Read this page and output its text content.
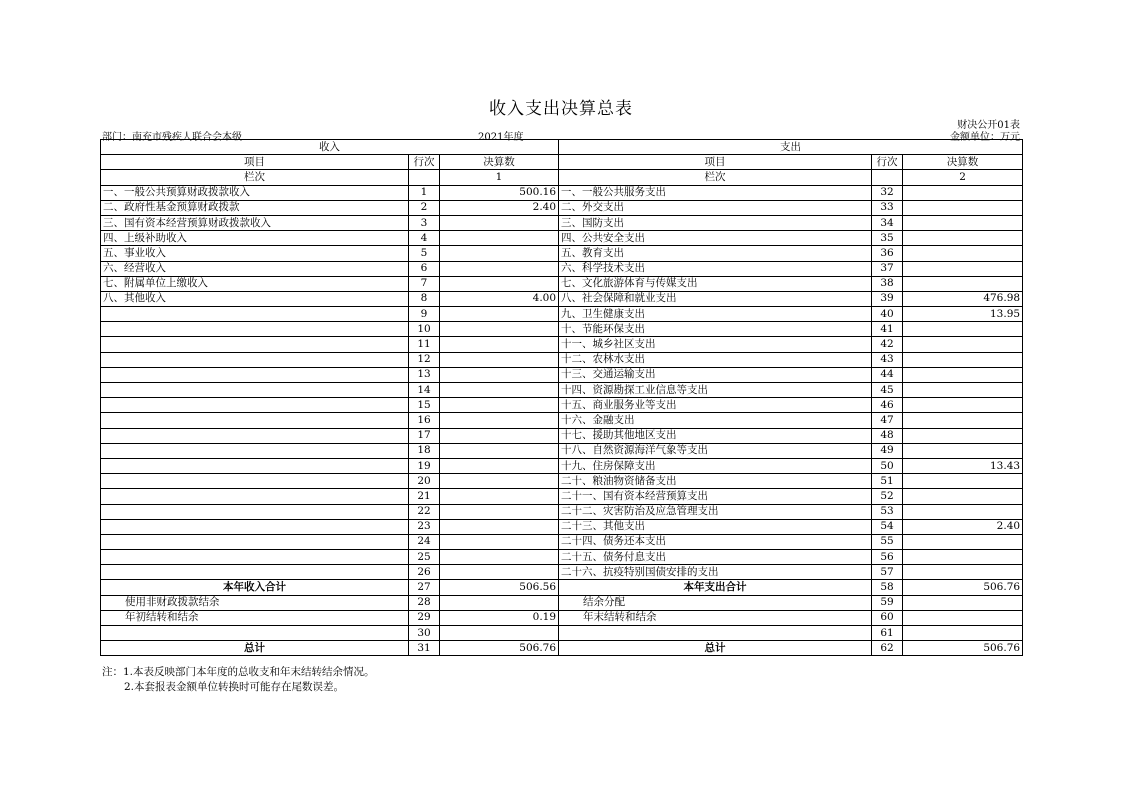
收入支出决算总表
财决公开01表
部门：南充市残疾人联合会本级	2021年度	金额单位：万元
收入			支出		
项目	行次	决算数	项目	行次	决算数
栏次		1	栏次		2
一、一般公共预算财政拨款收入	1	500.16	一、一般公共服务支出	32	
二、政府性基金预算财政拨款	2	2.40	二、外交支出	33	
三、国有资本经营预算财政拨款收入	3		三、国防支出	34	
四、上级补助收入	4		四、公共安全支出	35	
五、事业收入	5		五、教育支出	36	
六、经营收入	6		六、科学技术支出	37	
七、附属单位上缴收入	7		七、文化旅游体育与传媒支出	38	
八、其他收入	8	4.00	八、社会保障和就业支出	39	476.98
	9		九、卫生健康支出	40	13.95
	10		十、节能环保支出	41	
	11		十一、城乡社区支出	42	
	12		十二、农林水支出	43	
	13		十三、交通运输支出	44	
	14		十四、资源勘探工业信息等支出	45	
	15		十五、商业服务业等支出	46	
	16		十六、金融支出	47	
	17		十七、援助其他地区支出	48	
	18		十八、自然资源海洋气象等支出	49	
	19		十九、住房保障支出	50	13.43
	20		二十、粮油物资储备支出	51	
	21		二十一、国有资本经营预算支出	52	
	22		二十二、灾害防治及应急管理支出	53	
	23		二十三、其他支出	54	2.40
	24		二十四、债务还本支出	55	
	25		二十五、债务付息支出	56	
	26		二十六、抗疫特别国债安排的支出	57	
本年收入合计	27	506.56	本年支出合计	58	506.76
使用非财政拨款结余	28		结余分配	59	
年初结转和结余	29	0.19	年末结转和结余	60	
	30			61	
总计	31	506.76	总计	62	506.76
注：1.本表反映部门本年度的总收支和年末结转结余情况。
2.本套报表金额单位转换时可能存在尾数误差。
